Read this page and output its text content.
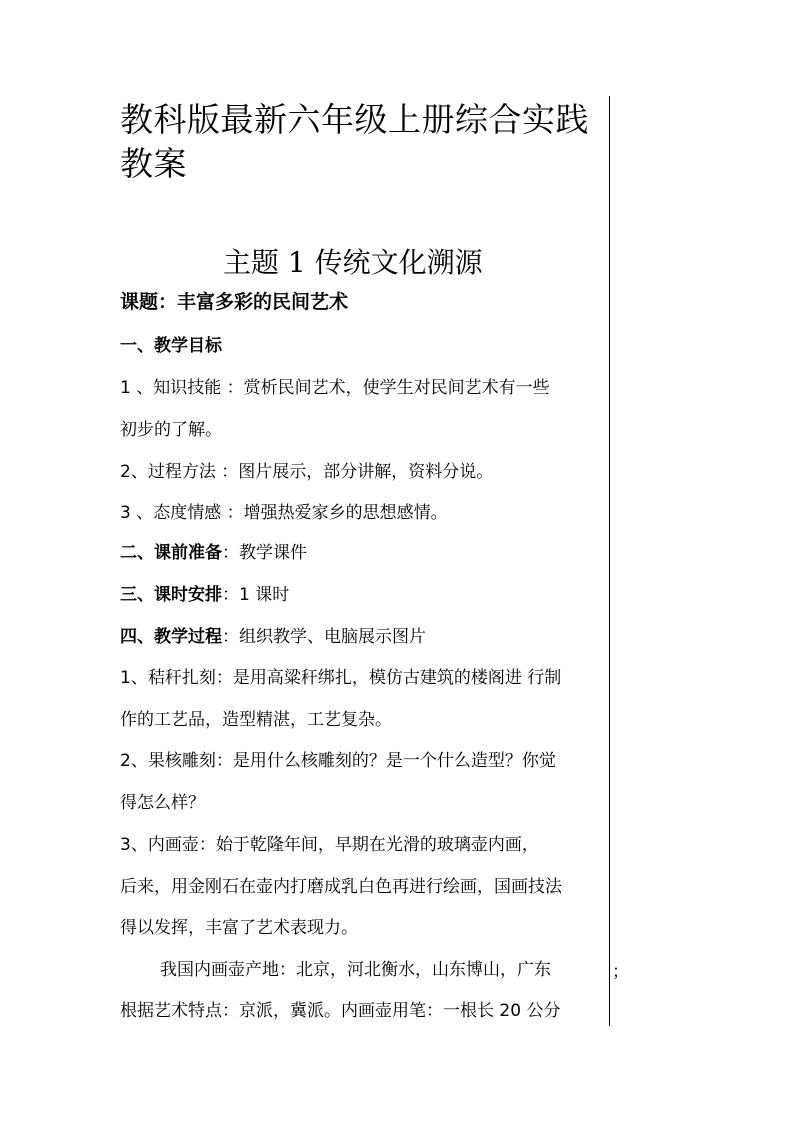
教科版最新六年级上册综合实践教案
主题 1 传统文化溯源
课题：丰富多彩的民间艺术
一、教学目标
1 、知识技能 ：赏析民间艺术，使学生对民间艺术有一些
初步的了解。
2、过程方法 ：图片展示，部分讲解，资料分说。
3 、态度情感 ：增强热爱家乡的思想感情。
二、课前准备：教学课件
三、课时安排：1 课时
四、教学过程：组织教学、电脑展示图片
1、秸秆扎刻：是用高粱秆绑扎，模仿古建筑的楼阁进 行制
作的工艺品，造型精湛，工艺复杂。
2、果核雕刻：是用什么核雕刻的？是一个什么造型？你觉
得怎么样？
3、内画壶：始于乾隆年间，早期在光滑的玻璃壶内画，
后来，用金刚石在壶内打磨成乳白色再进行绘画，国画技法
得以发挥，丰富了艺术表现力。
我国内画壶产地：北京，河北衡水，山东博山，广东	；
根据艺术特点：京派，冀派。内画壶用笔：一根长 20 公分
